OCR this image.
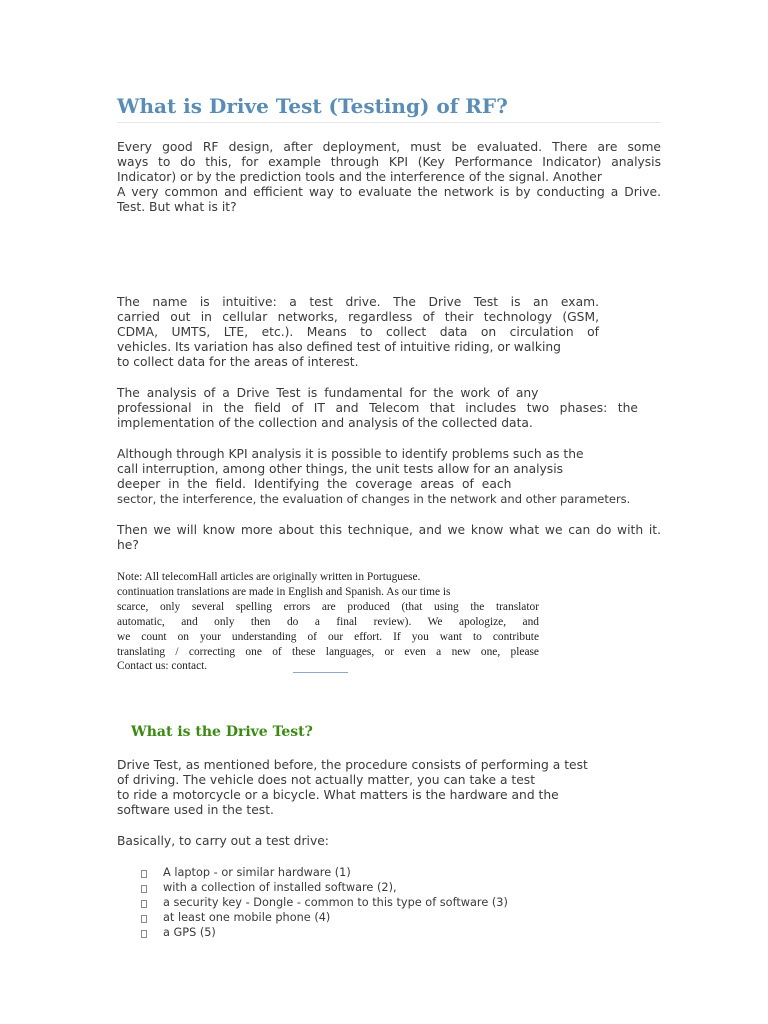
What is Drive Test (Testing) of RF?

Every good RF design, after deployment, must be evaluated. There are some
ways to do this, for example through KPI (Key Performance Indicator) analysis
Indicator) or by the prediction tools and the interference of the signal. Another
A very common and efficient way to evaluate the network is by conducting a Drive.
Test. But what is it?

The name is intuitive: a test drive. The Drive Test is an exam.
carried out in cellular networks, regardless of their technology (GSM,
CDMA, UMTS, LTE, etc.). Means to collect data on circulation of
vehicles. Its variation has also defined test of intuitive riding, or walking
to collect data for the areas of interest.

The analysis of a Drive Test is fundamental for the work of any
professional in the field of IT and Telecom that includes two phases: the
implementation of the collection and analysis of the collected data.

Although through KPI analysis it is possible to identify problems such as the
call interruption, among other things, the unit tests allow for an analysis
deeper in the field. Identifying the coverage areas of each
sector, the interference, the evaluation of changes in the network and other parameters.

Then we will know more about this technique, and we know what we can do with it.
he?

Note: All telecomHall articles are originally written in Portuguese.
continuation translations are made in English and Spanish. As our time is
scarce, only several spelling errors are produced (that using the translator
automatic, and only then do a final review). We apologize, and
we count on your understanding of our effort. If you want to contribute
translating / correcting one of these languages, or even a new one, please
Contact us: contact.

What is the Drive Test?

Drive Test, as mentioned before, the procedure consists of performing a test
of driving. The vehicle does not actually matter, you can take a test
to ride a motorcycle or a bicycle. What matters is the hardware and the
software used in the test.

Basically, to carry out a test drive:

A laptop - or similar hardware (1)
with a collection of installed software (2),
a security key - Dongle - common to this type of software (3)
at least one mobile phone (4)
a GPS (5)
